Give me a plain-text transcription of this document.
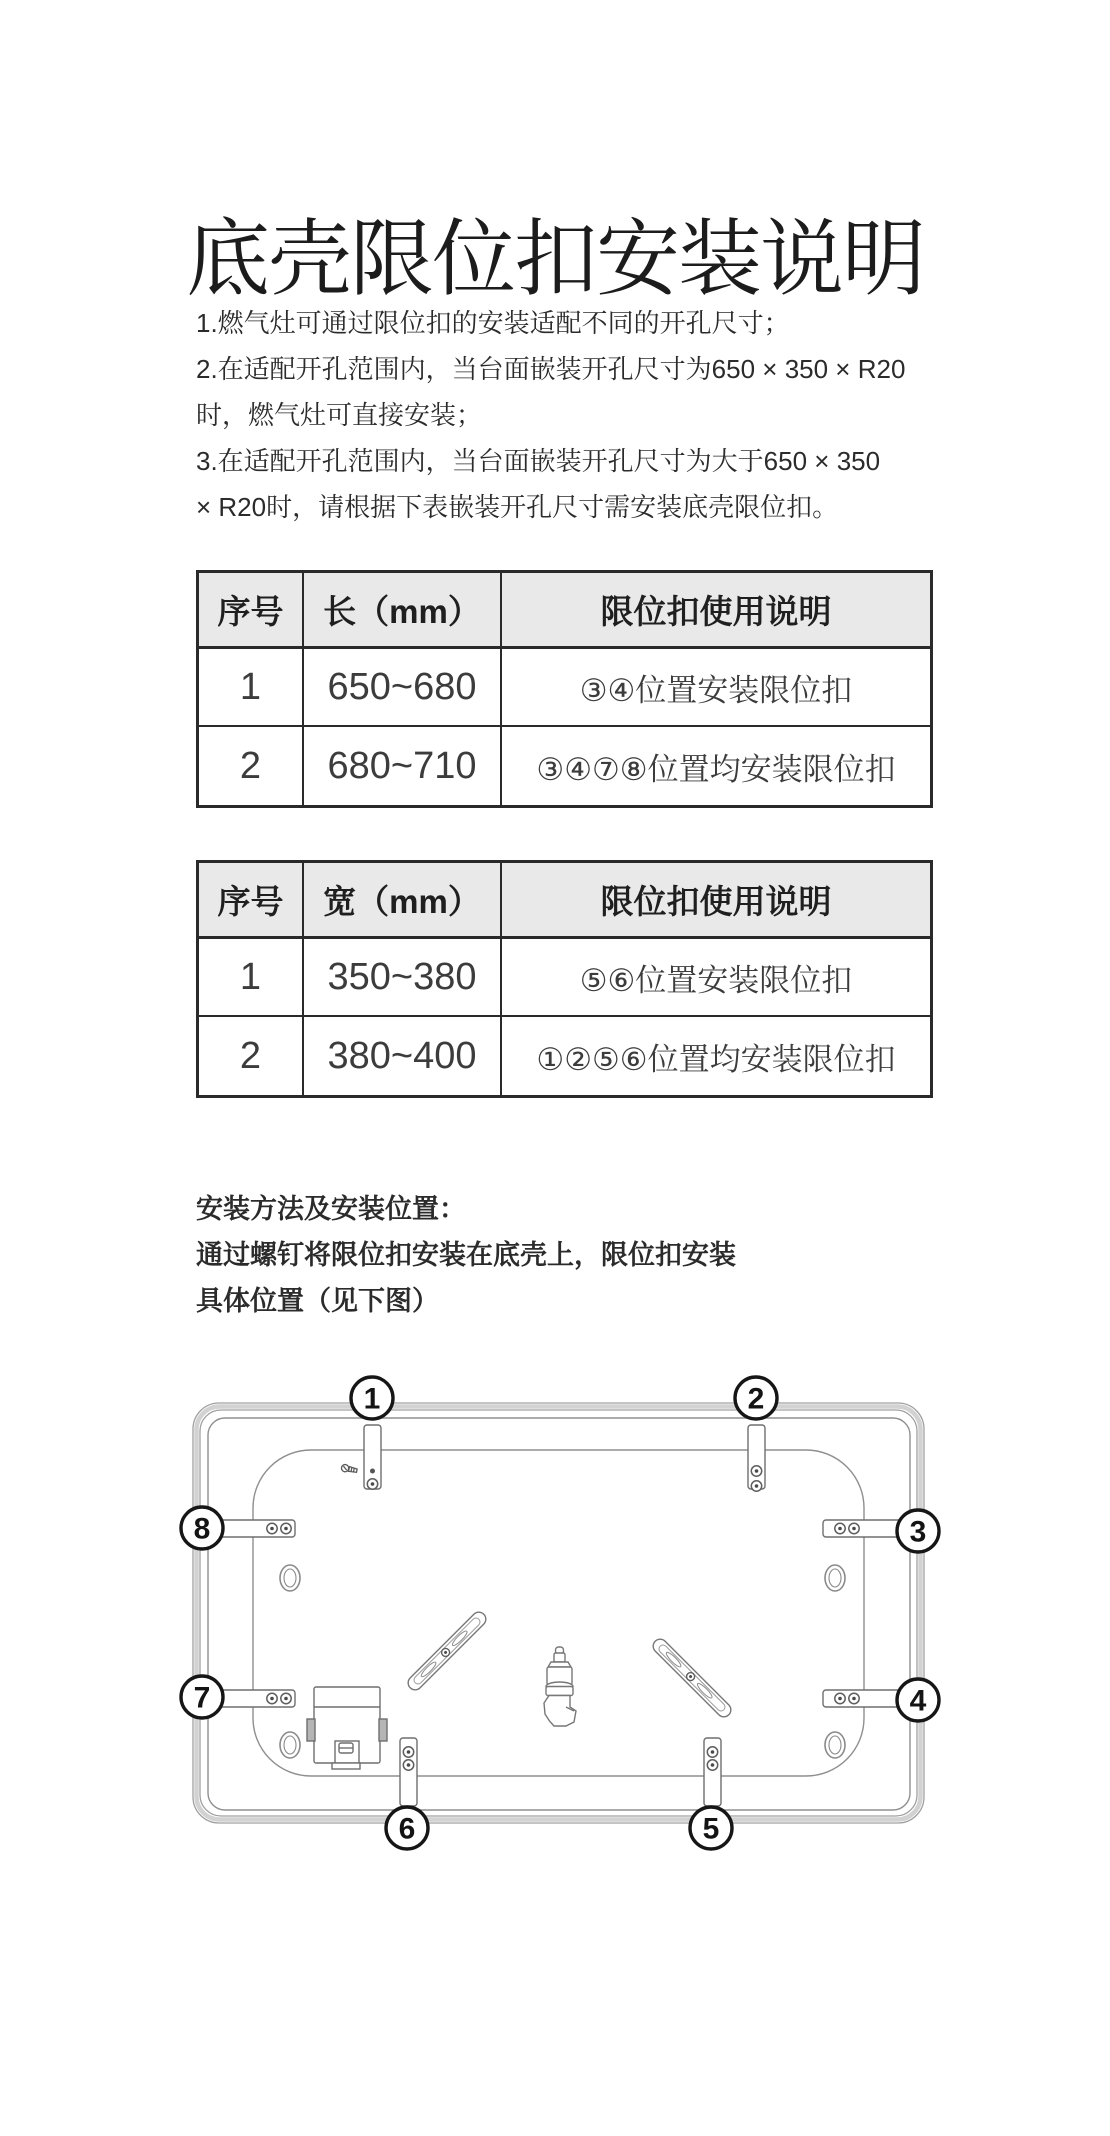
底壳限位扣安装说明
1.燃气灶可通过限位扣的安装适配不同的开孔尺寸；
2.在适配开孔范围内，当台面嵌装开孔尺寸为650 × 350 × R20
时，燃气灶可直接安装；
3.在适配开孔范围内，当台面嵌装开孔尺寸为大于650 × 350
× R20时，请根据下表嵌装开孔尺寸需安装底壳限位扣。
序号	长（mm）	限位扣使用说明
1	650~680	③④位置安装限位扣
2	680~710	③④⑦⑧位置均安装限位扣
序号	宽（mm）	限位扣使用说明
1	350~380	⑤⑥位置安装限位扣
2	380~400	①②⑤⑥位置均安装限位扣
安装方法及安装位置：
通过螺钉将限位扣安装在底壳上，限位扣安装
具体位置（见下图）
1	2
3
4
5
6
7
8
